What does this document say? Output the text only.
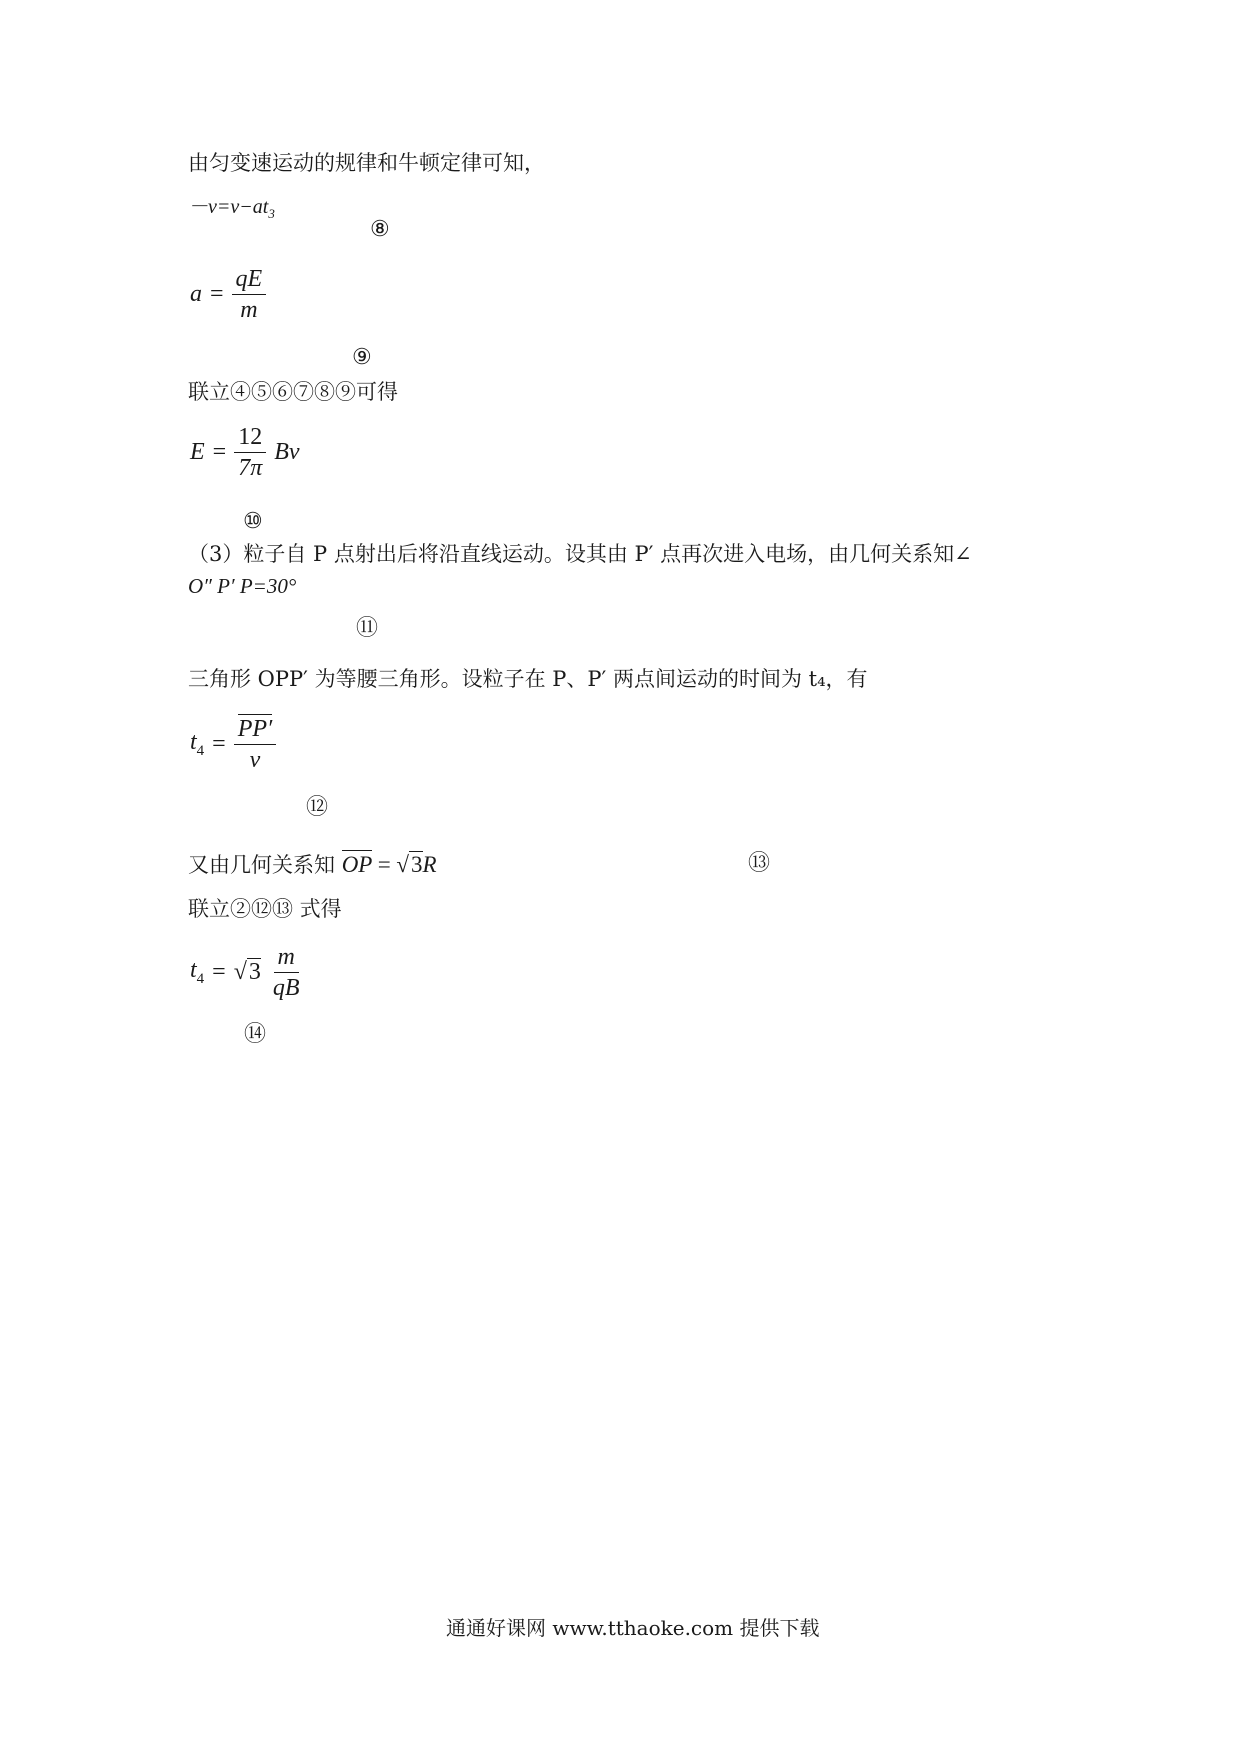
由匀变速运动的规律和牛顿定律可知，
$-v=v-at_3$
⑧
$a = \frac{qE}{m}$
⑨
联立④⑤⑥⑦⑧⑨可得
$E = \frac{12}{7\pi}$ Bv
⑩
（3）粒子自 P 点射出后将沿直线运动。设其由 P′ 点再次进入电场，由几何关系知∠
O″ P′ P=30°
⑪
三角形 OPP′ 为等腰三角形。设粒子在 P、P′ 两点间运动的时间为 t₄，有
$t_4 = \frac{PP'}{v}$
⑫
又由几何关系知 OP = √3R	⑬
联立②⑫⑬ 式得
$t_4 = √3 \frac{m}{qB}$
⑭
通通好课网 www.tthaoke.com 提供下载
